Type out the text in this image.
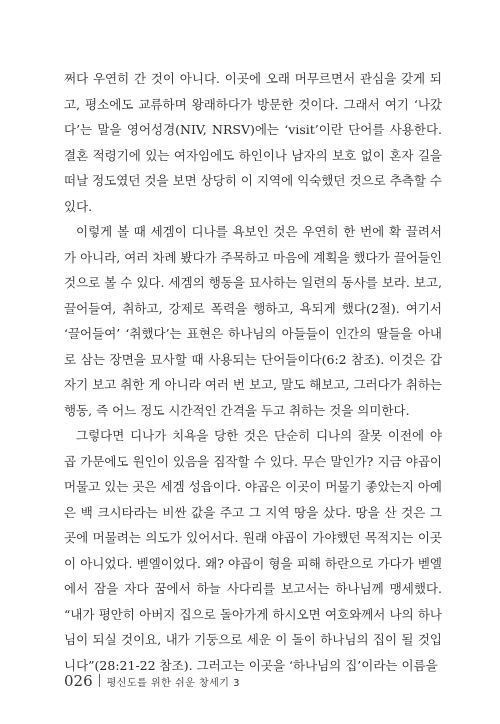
쩌다 우연히 간 것이 아니다. 이곳에 오래 머무르면서 관심을 갖게 되
고, 평소에도 교류하며 왕래하다가 방문한 것이다. 그래서 여기 ‘나갔
다’는 말을 영어성경(NIV, NRSV)에는 ‘visit’이란 단어를 사용한다.
결혼 적령기에 있는 여자임에도 하인이나 남자의 보호 없이 혼자 길을
떠날 정도였던 것을 보면 상당히 이 지역에 익숙했던 것으로 추측할 수
있다.

이렇게 볼 때 세겜이 디나를 욕보인 것은 우연히 한 번에 확 끌려서
가 아니라, 여러 차례 봤다가 주목하고 마음에 계획을 했다가 끌어들인
것으로 볼 수 있다. 세겜의 행동을 묘사하는 일련의 동사를 보라. 보고,
끌어들여, 취하고, 강제로 폭력을 행하고, 욕되게 했다(2절). 여기서
‘끌어들여’ ‘취했다’는 표현은 하나님의 아들들이 인간의 딸들을 아내
로 삼는 장면을 묘사할 때 사용되는 단어들이다(6:2 참조). 이것은 갑
자기 보고 취한 게 아니라 여러 번 보고, 말도 해보고, 그러다가 취하는
행동, 즉 어느 정도 시간적인 간격을 두고 취하는 것을 의미한다.

그렇다면 디나가 치욕을 당한 것은 단순히 디나의 잘못 이전에 야
곱 가문에도 원인이 있음을 짐작할 수 있다. 무슨 말인가? 지금 야곱이
머물고 있는 곳은 세겜 성읍이다. 야곱은 이곳이 머물기 좋았는지 아예
은 백 크시타라는 비싼 값을 주고 그 지역 땅을 샀다. 땅을 산 것은 그
곳에 머물려는 의도가 있어서다. 원래 야곱이 가야했던 목적지는 이곳
이 아니었다. 벧엘이었다. 왜? 야곱이 형을 피해 하란으로 가다가 벧엘
에서 잠을 자다 꿈에서 하늘 사다리를 보고서는 하나님께 맹세했다.
“내가 평안히 아버지 집으로 돌아가게 하시오면 여호와께서 나의 하나
님이 되실 것이요, 내가 기둥으로 세운 이 돌이 하나님의 집이 될 것입
니다”(28:21-22 참조). 그러고는 이곳을 ‘하나님의 집’이라는 이름을

026 평신도를 위한 쉬운 창세기 3
